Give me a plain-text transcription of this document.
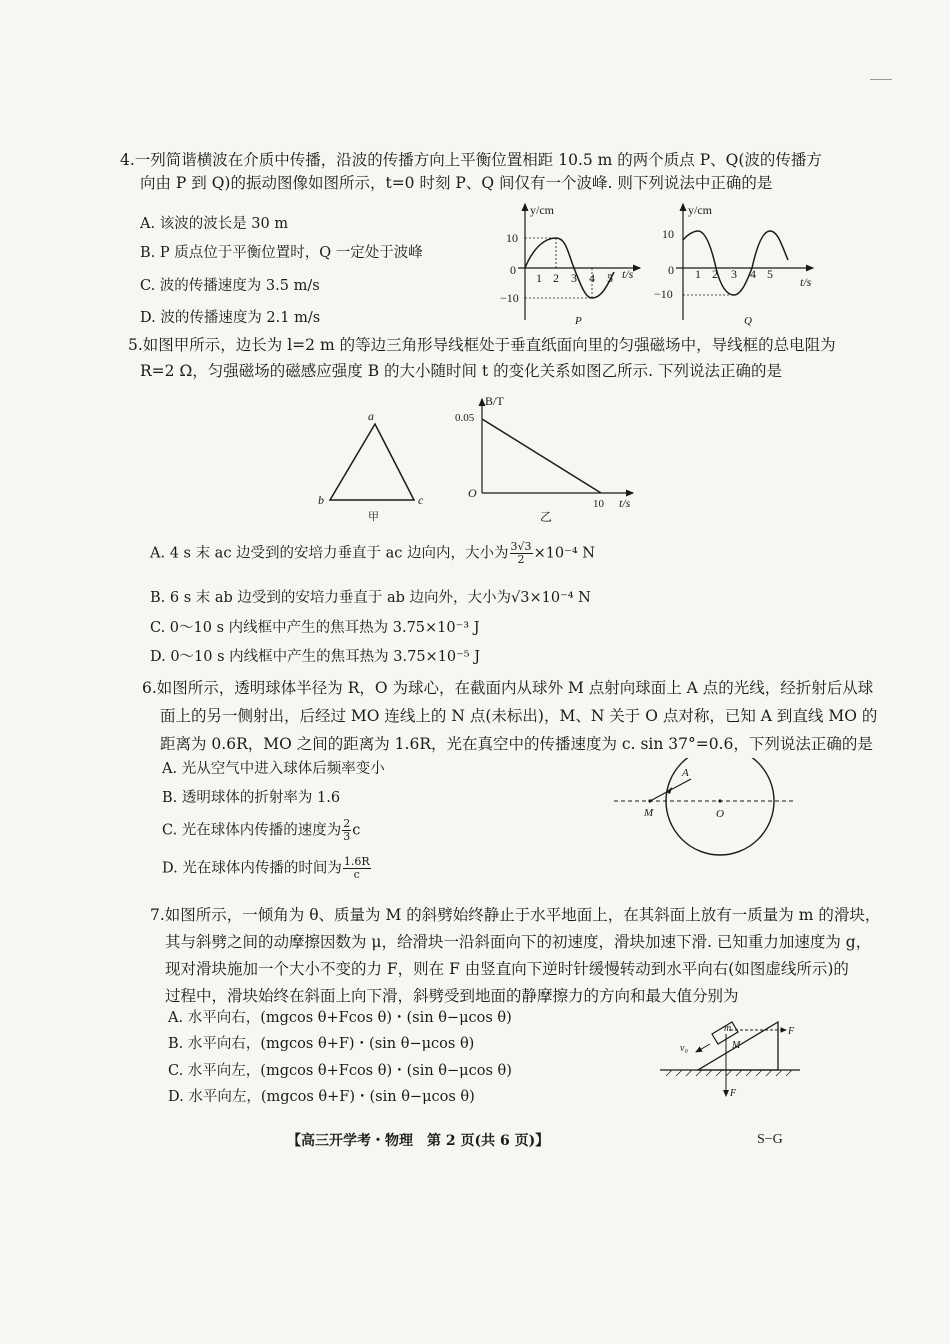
4.一列简谐横波在介质中传播，沿波的传播方向上平衡位置相距 10.5 m 的两个质点 P、Q(波的传播方
向由 P 到 Q)的振动图像如图所示，t=0 时刻 P、Q 间仅有一个波峰. 则下列说法中正确的是
A. 该波的波长是 30 m
B. P 质点位于平衡位置时，Q 一定处于波峰
C. 波的传播速度为 3.5 m/s
D. 波的传播速度为 2.1 m/s
y/cm
t/s
0
10
−10
1 2 3 4 5
P
y/cm
t/s
0
10
−10
1 2 3 4 5
Q
5.如图甲所示，边长为 l=2 m 的等边三角形导线框处于垂直纸面向里的匀强磁场中，导线框的总电阻为
R=2 Ω，匀强磁场的磁感应强度 B 的大小随时间 t 的变化关系如图乙所示. 下列说法正确的是
a
b	c
甲
B/T
t/s
O
0.05
10
乙
A. 4 s 末 ac 边受到的安培力垂直于 ac 边向内，大小为 $\frac{3√3}{2} \times 10^{-4}$ N
B. 6 s 末 ab 边受到的安培力垂直于 ab 边向外，大小为√3×10⁻⁴ N
C. 0～10 s 内线框中产生的焦耳热为 3.75×10⁻³ J
D. 0～10 s 内线框中产生的焦耳热为 3.75×10⁻⁵ J
6.如图所示，透明球体半径为 R，O 为球心，在截面内从球外 M 点射向球面上 A 点的光线，经折射后从球
面上的另一侧射出，后经过 MO 连线上的 N 点(未标出)，M、N 关于 O 点对称，已知 A 到直线 MO 的
距离为 0.6R，MO 之间的距离为 1.6R，光在真空中的传播速度为 c. sin 37°=0.6，下列说法正确的是
A. 光从空气中进入球体后频率变小
B. 透明球体的折射率为 1.6
C. 光在球体内传播的速度为 $\frac{2}{3}$ c
D. 光在球体内传播的时间为 $\frac{1.6R}{c}$
A
M	O
7.如图所示，一倾角为 θ、质量为 M 的斜劈始终静止于水平地面上，在其斜面上放有一质量为 m 的滑块，
其与斜劈之间的动摩擦因数为 μ，给滑块一沿斜面向下的初速度，滑块加速下滑. 已知重力加速度为 g，
现对滑块施加一个大小不变的力 F，则在 F 由竖直向下逆时针缓慢转动到水平向右(如图虚线所示)的
过程中，滑块始终在斜面上向下滑，斜劈受到地面的静摩擦力的方向和最大值分别为
A. 水平向右，(mgcos θ+Fcos θ)・(sin θ−μcos θ)
B. 水平向右，(mgcos θ+F)・(sin θ−μcos θ)
C. 水平向左，(mgcos θ+Fcos θ)・(sin θ−μcos θ)
D. 水平向左，(mgcos θ+F)・(sin θ−μcos θ)
m
M
v₀
F
F
【高三开学考・物理　第 2 页(共 6 页)】	S−G
